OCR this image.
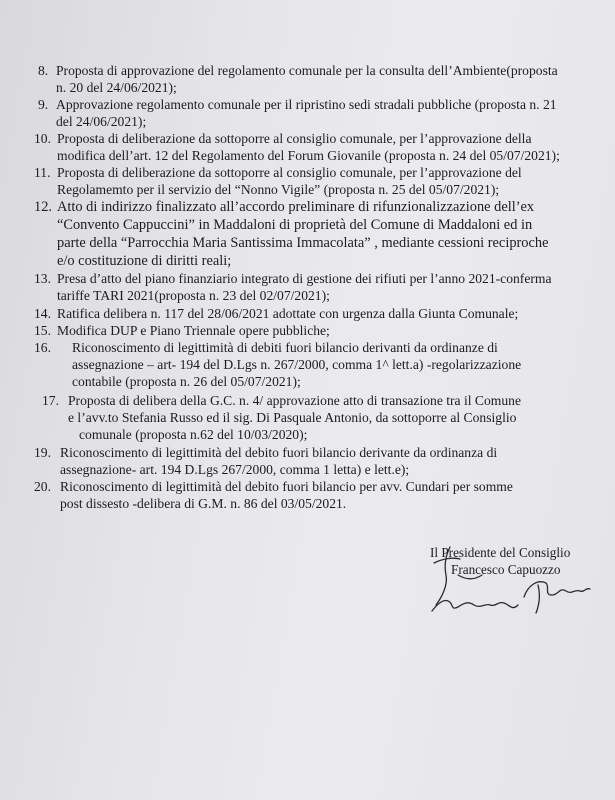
8. Proposta di approvazione del regolamento comunale per la consulta dell’Ambiente(proposta
n. 20 del 24/06/2021);
9. Approvazione regolamento comunale per il ripristino sedi stradali pubbliche (proposta n. 21
del 24/06/2021);
10. Proposta di deliberazione da sottoporre al consiglio comunale, per l’approvazione della
modifica dell’art. 12 del Regolamento del Forum Giovanile (proposta n. 24 del 05/07/2021);
11. Proposta di deliberazione da sottoporre al consiglio comunale, per l’approvazione del
Regolamemto per il servizio del “Nonno Vigile” (proposta n. 25 del 05/07/2021);
12. Atto di indirizzo finalizzato all’accordo preliminare di rifunzionalizzazione dell’ex
“Convento Cappuccini” in Maddaloni di proprietà del Comune di Maddaloni ed in
parte della “Parrocchia Maria Santissima Immacolata” , mediante cessioni reciproche
e/o costituzione di diritti reali;
13. Presa d’atto del piano finanziario integrato di gestione dei rifiuti per l’anno 2021-conferma
tariffe TARI 2021(proposta n. 23 del 02/07/2021);
14. Ratifica delibera n. 117 del 28/06/2021 adottate con urgenza dalla Giunta Comunale;
15. Modifica DUP e Piano Triennale opere pubbliche;
16. Riconoscimento di legittimità di debiti fuori bilancio derivanti da ordinanze di
assegnazione – art- 194 del D.Lgs n. 267/2000, comma 1^ lett.a) -regolarizzazione
contabile (proposta n. 26 del 05/07/2021);
17. Proposta di delibera della G.C. n. 4/ approvazione atto di transazione tra il Comune
e l’avv.to Stefania Russo ed il sig. Di Pasquale Antonio, da sottoporre al Consiglio
comunale (proposta n.62 del 10/03/2020);
19. Riconoscimento di legittimità del debito fuori bilancio derivante da ordinanza di
assegnazione- art. 194 D.Lgs 267/2000, comma 1 letta) e lett.e);
20. Riconoscimento di legittimità del debito fuori bilancio per avv. Cundari per somme
post dissesto -delibera di G.M. n. 86 del 03/05/2021.
Il Presidente del Consiglio
Francesco Capuozzo
